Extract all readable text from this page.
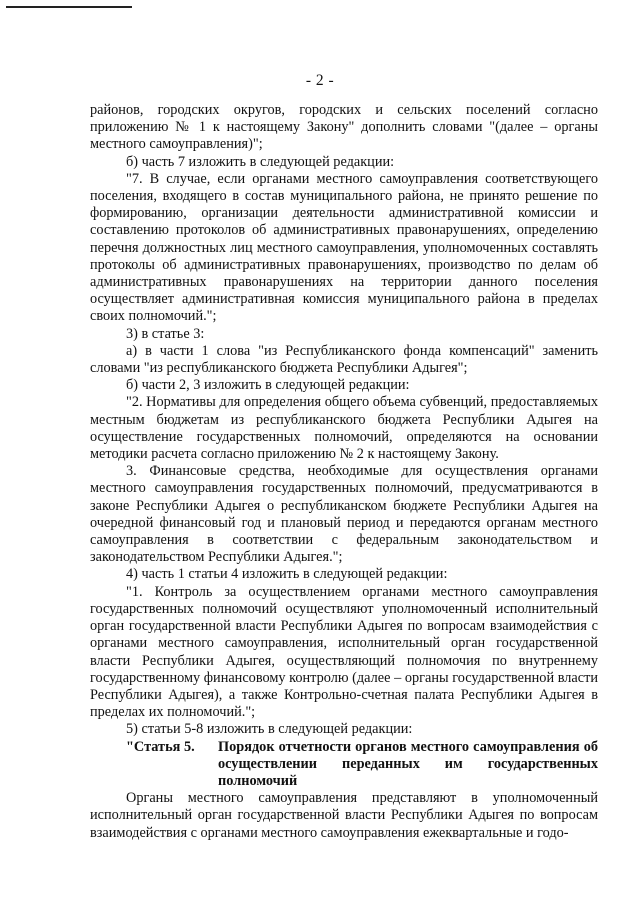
- 2 -

районов, городских округов, городских и сельских поселений согласно приложению № 1 к настоящему Закону" дополнить словами "(далее – органы местного самоуправления)";

б) часть 7 изложить в следующей редакции:

"7. В случае, если органами местного самоуправления соответствующего поселения, входящего в состав муниципального района, не принято решение по формированию, организации деятельности административной комиссии и составлению протоколов об административных правонарушениях, определению перечня должностных лиц местного самоуправления, уполномоченных составлять протоколы об административных правонарушениях, производство по делам об административных правонарушениях на территории данного поселения осуществляет административная комиссия муниципального района в пределах своих полномочий.";

3) в статье 3:

а) в части 1 слова "из Республиканского фонда компенсаций" заменить словами "из республиканского бюджета Республики Адыгея";

б) части 2, 3 изложить в следующей редакции:

"2. Нормативы для определения общего объема субвенций, предоставляемых местным бюджетам из республиканского бюджета Республики Адыгея на осуществление государственных полномочий, определяются на основании методики расчета согласно приложению № 2 к настоящему Закону.

3. Финансовые средства, необходимые для осуществления органами местного самоуправления государственных полномочий, предусматриваются в законе Республики Адыгея о республиканском бюджете Республики Адыгея на очередной финансовый год и плановый период и передаются органам местного самоуправления в соответствии с федеральным законодательством и законодательством Республики Адыгея.";

4) часть 1 статьи 4 изложить в следующей редакции:

"1. Контроль за осуществлением органами местного самоуправления государственных полномочий осуществляют уполномоченный исполнительный орган государственной власти Республики Адыгея по вопросам взаимодействия с органами местного самоуправления, исполнительный орган государственной власти Республики Адыгея, осуществляющий полномочия по внутреннему государственному финансовому контролю (далее – органы государственной власти Республики Адыгея), а также Контрольно-счетная палата Республики Адыгея в пределах их полномочий.";

5) статьи 5-8 изложить в следующей редакции:

"Статья 5.	Порядок отчетности органов местного самоуправления об осуществлении переданных им государственных полномочий

Органы местного самоуправления представляют в уполномоченный исполнительный орган государственной власти Республики Адыгея по вопросам взаимодействия с органами местного самоуправления ежеквартальные и годо-
